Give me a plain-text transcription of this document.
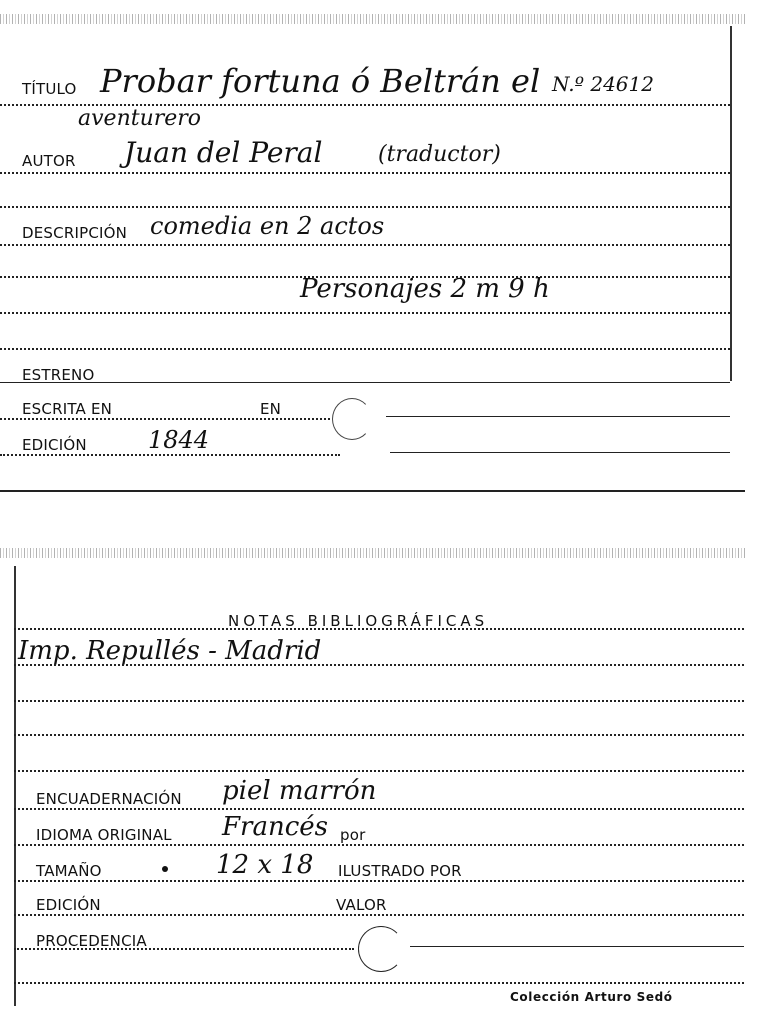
TÍTULO Probar fortuna ó Beltrán el N.º 24612
aventurero
AUTOR Juan del Peral	(traductor)
DESCRIPCIÓN comedia en 2 actos
Personajes 2 m 9 h
ESTRENO
ESCRITA EN	EN
EDICIÓN	1844
NOTAS BIBLIOGRÁFICAS
Imp. Repullés - Madrid
ENCUADERNACIÓN piel marrón
IDIOMA ORIGINAL Francés por
TAMAÑO	12 x 18 ILUSTRADO POR
EDICIÓN	VALOR
PROCEDENCIA
Colección Arturo Sedó
